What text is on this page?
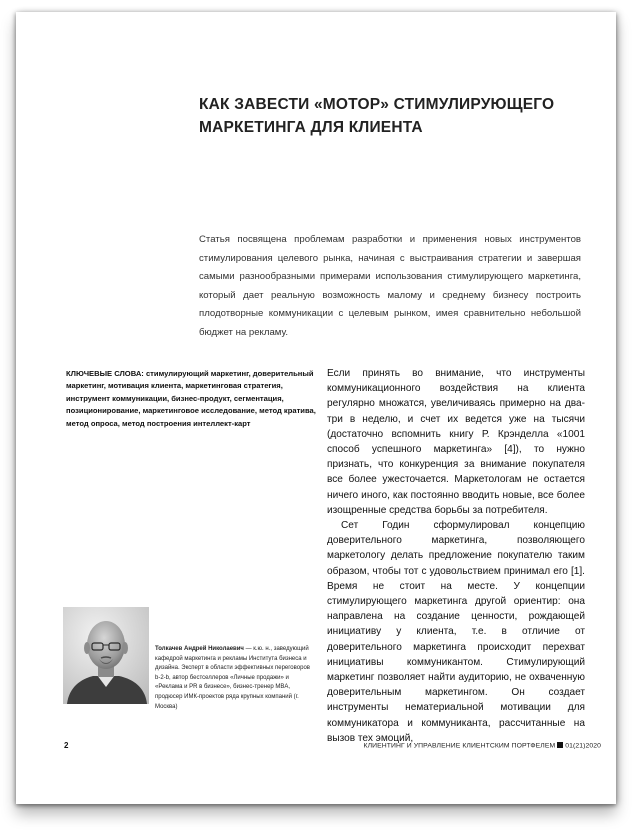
КАК ЗАВЕСТИ «МОТОР» СТИМУЛИРУЮЩЕГО МАРКЕТИНГА ДЛЯ КЛИЕНТА

Статья посвящена проблемам разработки и применения новых инструментов стимулирования целевого рынка, начиная с выстраивания стратегии и завершая самыми разнообразными примерами использования стимулирующего маркетинга, который дает реальную возможность малому и среднему бизнесу построить плодотворные коммуникации с целевым рынком, имея сравнительно небольшой бюджет на рекламу.

КЛЮЧЕВЫЕ СЛОВА: стимулирующий маркетинг, доверительный маркетинг, мотивация клиента, маркетинговая стратегия, инструмент коммуникации, бизнес-продукт, сегментация, позиционирование, маркетинговое исследование, метод кратива, метод опроса, метод построения интеллект-карт

Если принять во внимание, что инструменты коммуникационного воздействия на клиента регулярно множатся, увеличиваясь примерно на два-три в неделю, и счет их ведется уже на тысячи (достаточно вспомнить книгу Р. Крэнделла «1001 способ успешного маркетинга» [4]), то нужно признать, что конкуренция за внимание покупателя все более ужесточается. Маркетологам не остается ничего иного, как постоянно вводить новые, все более изощренные средства борьбы за потребителя.

Сет Годин сформулировал концепцию доверительного маркетинга, позволяющего маркетологу делать предложение покупателю таким образом, чтобы тот с удовольствием принимал его [1]. Время не стоит на месте. У концепции стимулирующего маркетинга другой ориентир: она направлена на создание ценности, рождающей инициативу у клиента, т.е. в отличие от доверительного маркетинга происходит перехват инициативы коммуникантом. Стимулирующий маркетинг позволяет найти аудиторию, не охваченную доверительным маркетингом. Он создает инструменты нематериальной мотивации для коммуникатора и коммуниканта, рассчитанные на вызов тех эмоций,

Толкачев Андрей Николаевич — к.ю. н., заведующий кафедрой маркетинга и рекламы Института бизнеса и дизайна. Эксперт в области эффективных переговоров b-2-b, автор бестселлеров «Личные продажи» и «Реклама и PR в бизнесе», бизнес-тренер MBA, продюсер ИМК-проектов ряда крупных компаний (г. Москва)

2	КЛИЕНТИНГ И УПРАВЛЕНИЕ КЛИЕНТСКИМ ПОРТФЕЛЕМ 01(21)2020
